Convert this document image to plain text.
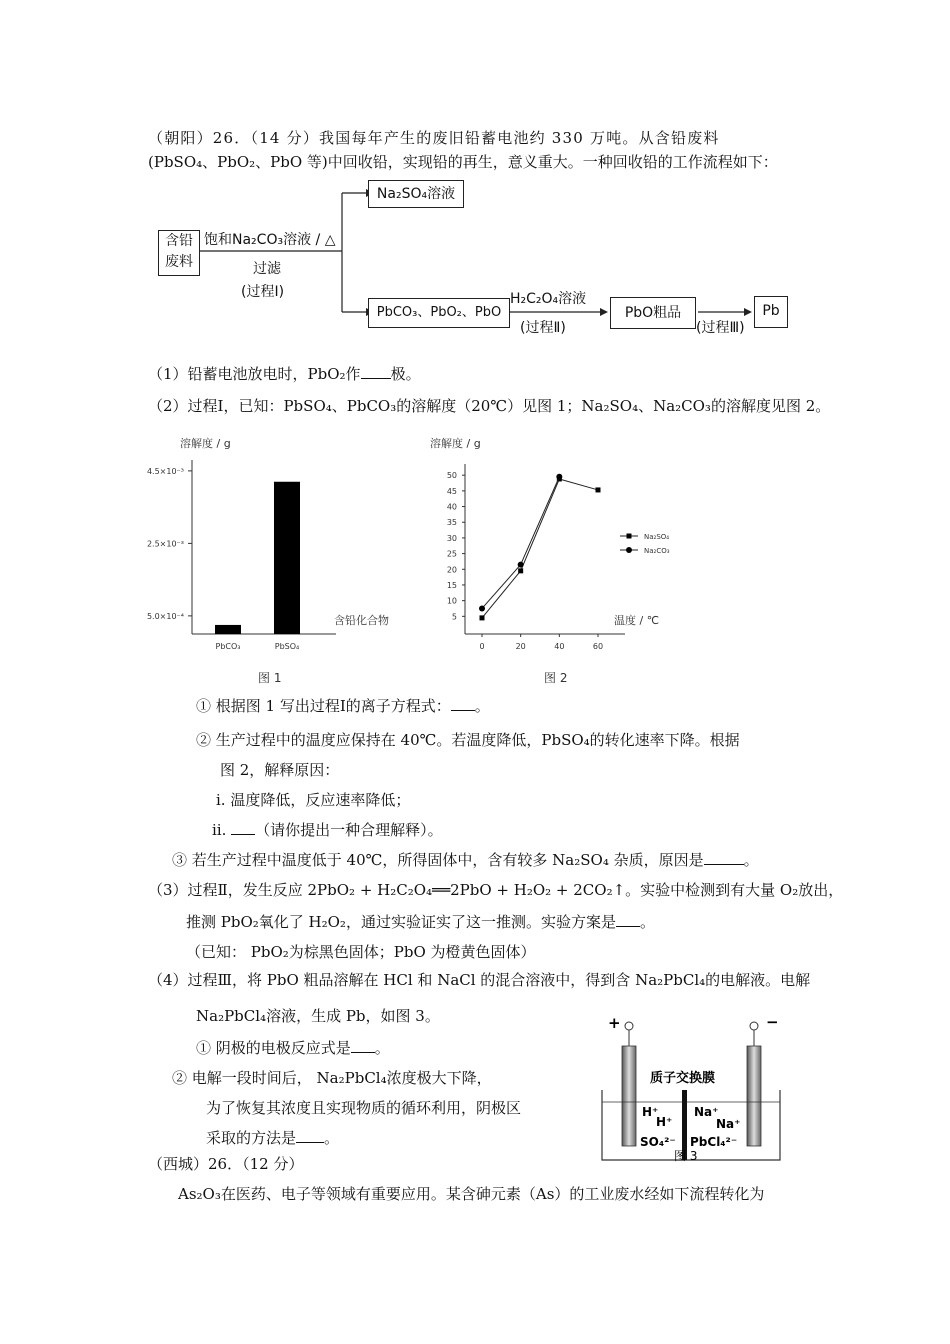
（朝阳）26．（14 分）我国每年产生的废旧铅蓄电池约 330 万吨。从含铅废料
(PbSO₄、PbO₂、PbO 等)中回收铅，实现铅的再生，意义重大。一种回收铅的工作流程如下：
含铅
废料
饱和Na₂CO₃溶液 / △
过滤
(过程Ⅰ)
Na₂SO₄溶液
PbCO₃、PbO₂、PbO
H₂C₂O₄溶液
(过程Ⅱ)
PbO粗品
(过程Ⅲ)
Pb
（1）铅蓄电池放电时，PbO₂作 极。
（2）过程Ⅰ，已知：PbSO₄、PbCO₃的溶解度（20℃）见图 1；Na₂SO₄、Na₂CO₃的溶解度见图 2。
溶解度 / g
5.0×10⁻⁴
2.5×10⁻³
4.5×10⁻³
PbCO₃	PbSO₄
含铅化合物
图 1
溶解度 / g
5
10
15
20
25
30
35
40
45
50
0	20	40	60
Na₂SO₄
Na₂CO₃
温度 / ℃
图 2
① 根据图 1 写出过程Ⅰ的离子方程式： 。
② 生产过程中的温度应保持在 40℃。若温度降低，PbSO₄的转化速率下降。根据
图 2，解释原因：
ⅰ. 温度降低，反应速率降低；
ⅱ. （请你提出一种合理解释）。
③ 若生产过程中温度低于 40℃，所得固体中，含有较多 Na₂SO₄ 杂质，原因是	。
（3）过程Ⅱ，发生反应 2PbO₂ + H₂C₂O₄══2PbO + H₂O₂ + 2CO₂↑。实验中检测到有大量 O₂放出，
推测 PbO₂氧化了 H₂O₂，通过实验证实了这一推测。实验方案是 。
（已知： PbO₂为棕黑色固体；PbO 为橙黄色固体）
（4）过程Ⅲ，将 PbO 粗品溶解在 HCl 和 NaCl 的混合溶液中，得到含 Na₂PbCl₄的电解液。电解
Na₂PbCl₄溶液，生成 Pb，如图 3。
① 阴极的电极反应式是 。
② 电解一段时间后， Na₂PbCl₄浓度极大下降，
为了恢复其浓度且实现物质的循环利用，阴极区
采取的方法是 。
+	−
质子交换膜
H⁺
H⁺
SO₄²⁻
Na⁺
Na⁺
PbCl₄²⁻
图 3
（西城）26．（12 分）
As₂O₃在医药、电子等领域有重要应用。某含砷元素（As）的工业废水经如下流程转化为
